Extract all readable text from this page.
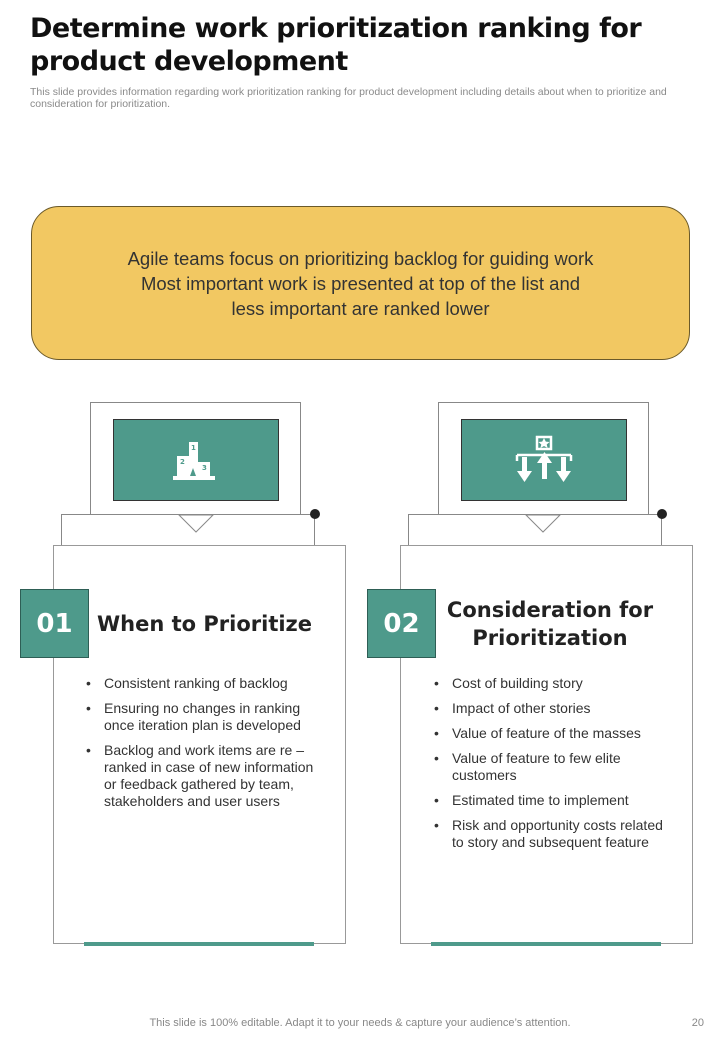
Determine work prioritization ranking for product development
This slide provides information regarding work prioritization ranking for product development including details about when to prioritize and consideration for prioritization.
Agile teams focus on prioritizing backlog for guiding work
Most important work is presented at top of the list and
less important are ranked lower
1
2
3
01	When to Prioritize
• Consistent ranking of backlog
• Ensuring no changes in ranking once iteration plan is developed
• Backlog and work items are re – ranked in case of new information or feedback gathered by team, stakeholders and user users
02	Consideration for
Prioritization
• Cost of building story
• Impact of other stories
• Value of feature of the masses
• Value of feature to few elite customers
• Estimated time to implement
• Risk and opportunity costs related to story and subsequent feature
This slide is 100% editable. Adapt it to your needs & capture your audience’s attention.	20
